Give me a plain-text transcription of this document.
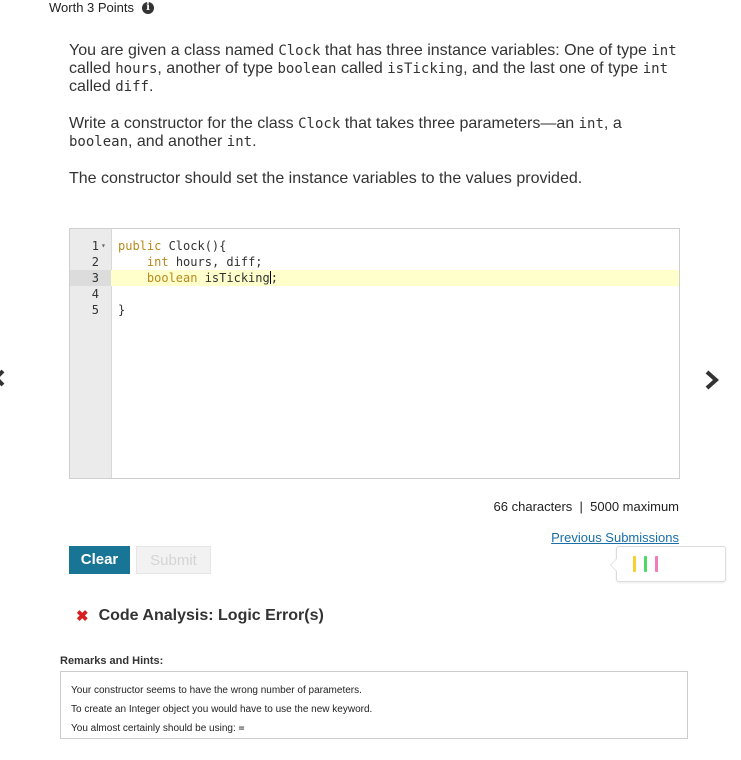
Worth 3 Points	i

You are given a class named Clock that has three instance variables: One of type int called hours, another of type boolean called isTicking, and the last one of type int called diff.

Write a constructor for the class Clock that takes three parameters—an int, a boolean, and another int.

The constructor should set the instance variables to the values provided.

1 ▾ public Clock(){
2	int hours, diff;
3	boolean isTicking;
4
5	}
66 characters  |  5000 maximum
Previous Submissions
Clear	Submit
✖ Code Analysis: Logic Error(s)
Remarks and Hints:
Your constructor seems to have the wrong number of parameters.
To create an Integer object you would have to use the new keyword.
You almost certainly should be using: =
